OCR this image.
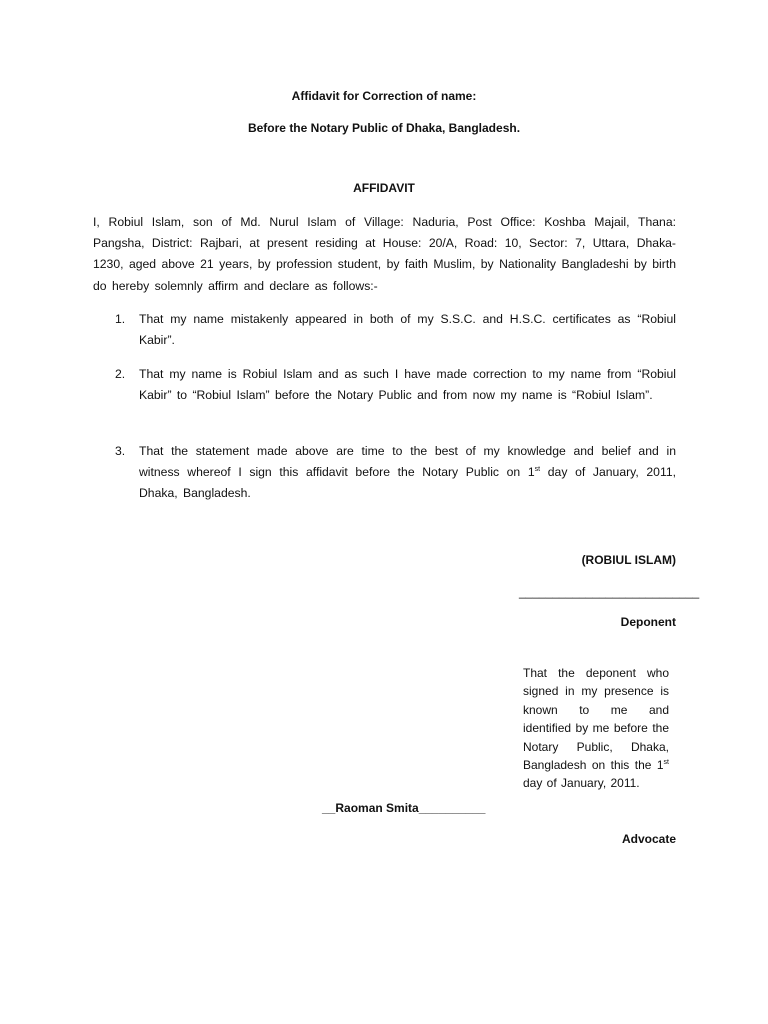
Affidavit for Correction of name:
Before the Notary Public of Dhaka, Bangladesh.
AFFIDAVIT
I, Robiul Islam, son of Md. Nurul Islam of Village: Naduria, Post Office: Koshba Majail, Thana: Pangsha, District: Rajbari, at present residing at House: 20/A, Road: 10, Sector: 7, Uttara, Dhaka-1230, aged above 21 years, by profession student, by faith Muslim, by Nationality Bangladeshi by birth do hereby solemnly affirm and declare as follows:-
1.	That my name mistakenly appeared in both of my S.S.C. and H.S.C. certificates as “Robiul Kabir”.
2.	That my name is Robiul Islam and as such I have made correction to my name from “Robiul Kabir” to “Robiul Islam” before the Notary Public and from now my name is “Robiul Islam”.
3.	That the statement made above are time to the best of my knowledge and belief and in witness whereof I sign this affidavit before the Notary Public on 1st day of January, 2011, Dhaka, Bangladesh.
(ROBIUL ISLAM)
___________________________
Deponent
That the deponent who signed in my presence is known to me and identified by me before the Notary Public, Dhaka, Bangladesh on this the 1st day of January, 2011.
__Raoman Smita__________
Advocate
